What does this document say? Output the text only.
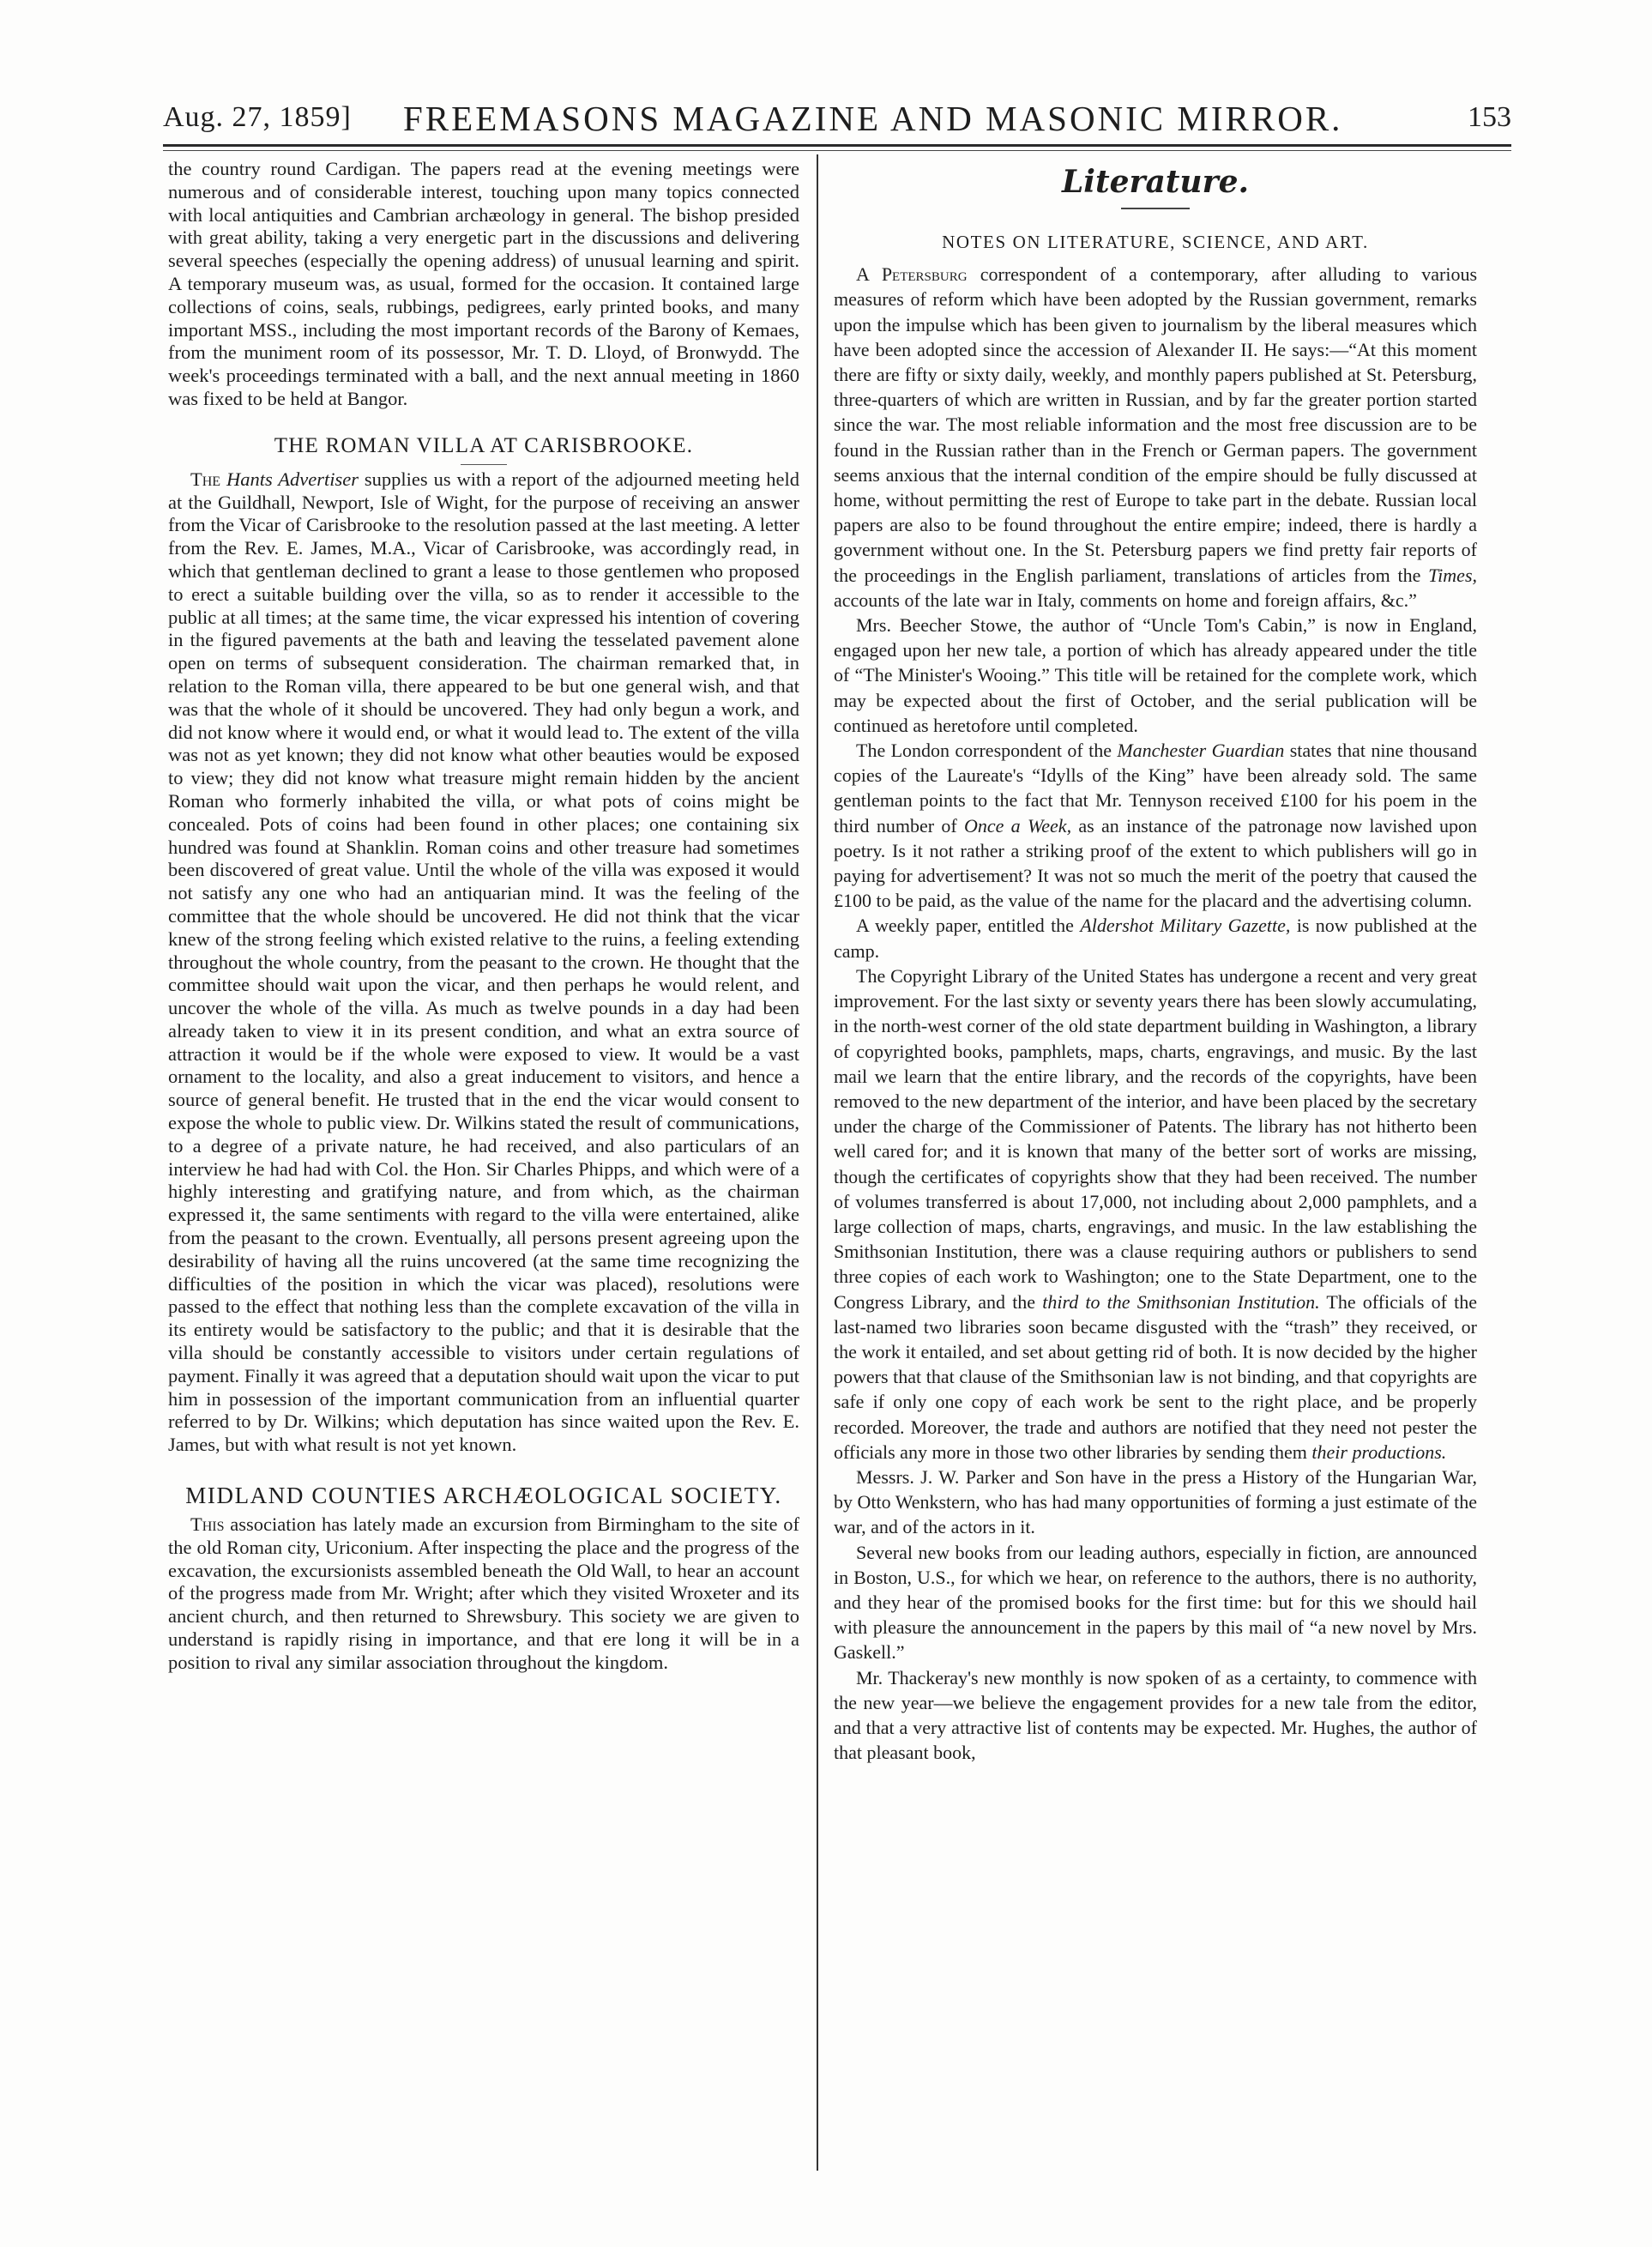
Aug. 27, 1859] FREEMASONS MAGAZINE AND MASONIC MIRROR.	153

the country round Cardigan. The papers read at the evening meetings were numerous and of considerable interest, touching upon many topics connected with local antiquities and Cambrian archæology in general. The bishop presided with great ability, taking a very energetic part in the discussions and delivering several speeches (especially the opening address) of unusual learning and spirit. A temporary museum was, as usual, formed for the occasion. It contained large collections of coins, seals, rubbings, pedigrees, early printed books, and many important MSS., including the most important records of the Barony of Kemaes, from the muniment room of its possessor, Mr. T. D. Lloyd, of Bronwydd. The week's proceedings terminated with a ball, and the next annual meeting in 1860 was fixed to be held at Bangor.

THE ROMAN VILLA AT CARISBROOKE.

The Hants Advertiser supplies us with a report of the adjourned meeting held at the Guildhall, Newport, Isle of Wight, for the purpose of receiving an answer from the Vicar of Carisbrooke to the resolution passed at the last meeting. A letter from the Rev. E. James, M.A., Vicar of Carisbrooke, was accordingly read, in which that gentleman declined to grant a lease to those gentlemen who proposed to erect a suitable building over the villa, so as to render it accessible to the public at all times; at the same time, the vicar expressed his intention of covering in the figured pavements at the bath and leaving the tesselated pavement alone open on terms of subsequent consideration. The chairman remarked that, in relation to the Roman villa, there appeared to be but one general wish, and that was that the whole of it should be uncovered. They had only begun a work, and did not know where it would end, or what it would lead to. The extent of the villa was not as yet known; they did not know what other beauties would be exposed to view; they did not know what treasure might remain hidden by the ancient Roman who formerly inhabited the villa, or what pots of coins might be concealed. Pots of coins had been found in other places; one containing six hundred was found at Shanklin. Roman coins and other treasure had sometimes been discovered of great value. Until the whole of the villa was exposed it would not satisfy any one who had an antiquarian mind. It was the feeling of the committee that the whole should be uncovered. He did not think that the vicar knew of the strong feeling which existed relative to the ruins, a feeling extending throughout the whole country, from the peasant to the crown. He thought that the committee should wait upon the vicar, and then perhaps he would relent, and uncover the whole of the villa. As much as twelve pounds in a day had been already taken to view it in its present condition, and what an extra source of attraction it would be if the whole were exposed to view. It would be a vast ornament to the locality, and also a great inducement to visitors, and hence a source of general benefit. He trusted that in the end the vicar would consent to expose the whole to public view. Dr. Wilkins stated the result of communications, to a degree of a private nature, he had received, and also particulars of an interview he had had with Col. the Hon. Sir Charles Phipps, and which were of a highly interesting and gratifying nature, and from which, as the chairman expressed it, the same sentiments with regard to the villa were entertained, alike from the peasant to the crown. Eventually, all persons present agreeing upon the desirability of having all the ruins uncovered (at the same time recognizing the difficulties of the position in which the vicar was placed), resolutions were passed to the effect that nothing less than the complete excavation of the villa in its entirety would be satisfactory to the public; and that it is desirable that the villa should be constantly accessible to visitors under certain regulations of payment. Finally it was agreed that a deputation should wait upon the vicar to put him in possession of the important communication from an influential quarter referred to by Dr. Wilkins; which deputation has since waited upon the Rev. E. James, but with what result is not yet known.

MIDLAND COUNTIES ARCHÆOLOGICAL SOCIETY.

This association has lately made an excursion from Birmingham to the site of the old Roman city, Uriconium. After inspecting the place and the progress of the excavation, the excursionists assembled beneath the Old Wall, to hear an account of the progress made from Mr. Wright; after which they visited Wroxeter and its ancient church, and then returned to Shrewsbury. This society we are given to understand is rapidly rising in importance, and that ere long it will be in a position to rival any similar association throughout the kingdom.

Literature.
NOTES ON LITERATURE, SCIENCE, AND ART.

A Petersburg correspondent of a contemporary, after alluding to various measures of reform which have been adopted by the Russian government, remarks upon the impulse which has been given to journalism by the liberal measures which have been adopted since the accession of Alexander II. He says:—“At this moment there are fifty or sixty daily, weekly, and monthly papers published at St. Petersburg, three-quarters of which are written in Russian, and by far the greater portion started since the war. The most reliable information and the most free discussion are to be found in the Russian rather than in the French or German papers. The government seems anxious that the internal condition of the empire should be fully discussed at home, without permitting the rest of Europe to take part in the debate. Russian local papers are also to be found throughout the entire empire; indeed, there is hardly a government without one. In the St. Petersburg papers we find pretty fair reports of the proceedings in the English parliament, translations of articles from the Times, accounts of the late war in Italy, comments on home and foreign affairs, &c.”

Mrs. Beecher Stowe, the author of “Uncle Tom's Cabin,” is now in England, engaged upon her new tale, a portion of which has already appeared under the title of “The Minister's Wooing.” This title will be retained for the complete work, which may be expected about the first of October, and the serial publication will be continued as heretofore until completed.

The London correspondent of the Manchester Guardian states that nine thousand copies of the Laureate's “Idylls of the King” have been already sold. The same gentleman points to the fact that Mr. Tennyson received £100 for his poem in the third number of Once a Week, as an instance of the patronage now lavished upon poetry. Is it not rather a striking proof of the extent to which publishers will go in paying for advertisement? It was not so much the merit of the poetry that caused the £100 to be paid, as the value of the name for the placard and the advertising column.

A weekly paper, entitled the Aldershot Military Gazette, is now published at the camp.

The Copyright Library of the United States has undergone a recent and very great improvement. For the last sixty or seventy years there has been slowly accumulating, in the north-west corner of the old state department building in Washington, a library of copyrighted books, pamphlets, maps, charts, engravings, and music. By the last mail we learn that the entire library, and the records of the copyrights, have been removed to the new department of the interior, and have been placed by the secretary under the charge of the Commissioner of Patents. The library has not hitherto been well cared for; and it is known that many of the better sort of works are missing, though the certificates of copyrights show that they had been received. The number of volumes transferred is about 17,000, not including about 2,000 pamphlets, and a large collection of maps, charts, engravings, and music. In the law establishing the Smithsonian Institution, there was a clause requiring authors or publishers to send three copies of each work to Washington; one to the State Department, one to the Congress Library, and the third to the Smithsonian Institution. The officials of the last-named two libraries soon became disgusted with the “trash” they received, or the work it entailed, and set about getting rid of both. It is now decided by the higher powers that that clause of the Smithsonian law is not binding, and that copyrights are safe if only one copy of each work be sent to the right place, and be properly recorded. Moreover, the trade and authors are notified that they need not pester the officials any more in those two other libraries by sending them their productions.

Messrs. J. W. Parker and Son have in the press a History of the Hungarian War, by Otto Wenkstern, who has had many opportunities of forming a just estimate of the war, and of the actors in it.

Several new books from our leading authors, especially in fiction, are announced in Boston, U.S., for which we hear, on reference to the authors, there is no authority, and they hear of the promised books for the first time: but for this we should hail with pleasure the announcement in the papers by this mail of “a new novel by Mrs. Gaskell.”

Mr. Thackeray's new monthly is now spoken of as a certainty, to commence with the new year—we believe the engagement provides for a new tale from the editor, and that a very attractive list of contents may be expected. Mr. Hughes, the author of that pleasant book,
